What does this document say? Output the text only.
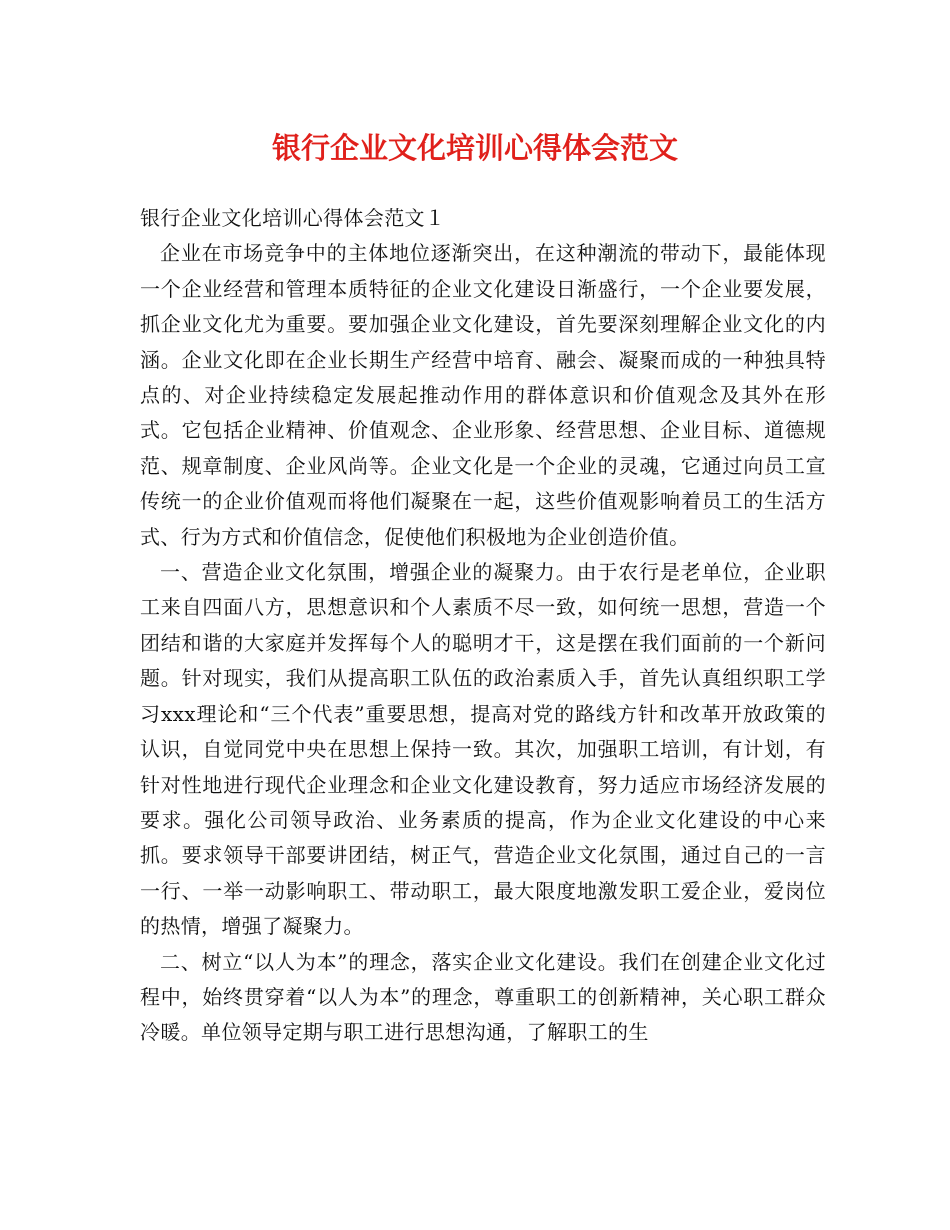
银行企业文化培训心得体会范文

银行企业文化培训心得体会范文１

企业在市场竞争中的主体地位逐渐突出，在这种潮流的带动下，最能体现一个企业经营和管理本质特征的企业文化建设日渐盛行，一个企业要发展，抓企业文化尤为重要。要加强企业文化建设，首先要深刻理解企业文化的内涵。企业文化即在企业长期生产经营中培育、融会、凝聚而成的一种独具特点的、对企业持续稳定发展起推动作用的群体意识和价值观念及其外在形式。它包括企业精神、价值观念、企业形象、经营思想、企业目标、道德规范、规章制度、企业风尚等。企业文化是一个企业的灵魂，它通过向员工宣传统一的企业价值观而将他们凝聚在一起，这些价值观影响着员工的生活方式、行为方式和价值信念，促使他们积极地为企业创造价值。

一、营造企业文化氛围，增强企业的凝聚力。由于农行是老单位，企业职工来自四面八方，思想意识和个人素质不尽一致，如何统一思想，营造一个团结和谐的大家庭并发挥每个人的聪明才干，这是摆在我们面前的一个新问题。针对现实，我们从提高职工队伍的政治素质入手，首先认真组织职工学习xxx理论和“三个代表”重要思想，提高对党的路线方针和改革开放政策的认识，自觉同党中央在思想上保持一致。其次，加强职工培训，有计划，有针对性地进行现代企业理念和企业文化建设教育，努力适应市场经济发展的要求。强化公司领导政治、业务素质的提高，作为企业文化建设的中心来抓。要求领导干部要讲团结，树正气，营造企业文化氛围，通过自己的一言一行、一举一动影响职工、带动职工，最大限度地激发职工爱企业，爱岗位的热情，增强了凝聚力。

二、树立“以人为本”的理念，落实企业文化建设。我们在创建企业文化过程中，始终贯穿着“以人为本”的理念，尊重职工的创新精神，关心职工群众冷暖。单位领导定期与职工进行思想沟通，了解职工的生
